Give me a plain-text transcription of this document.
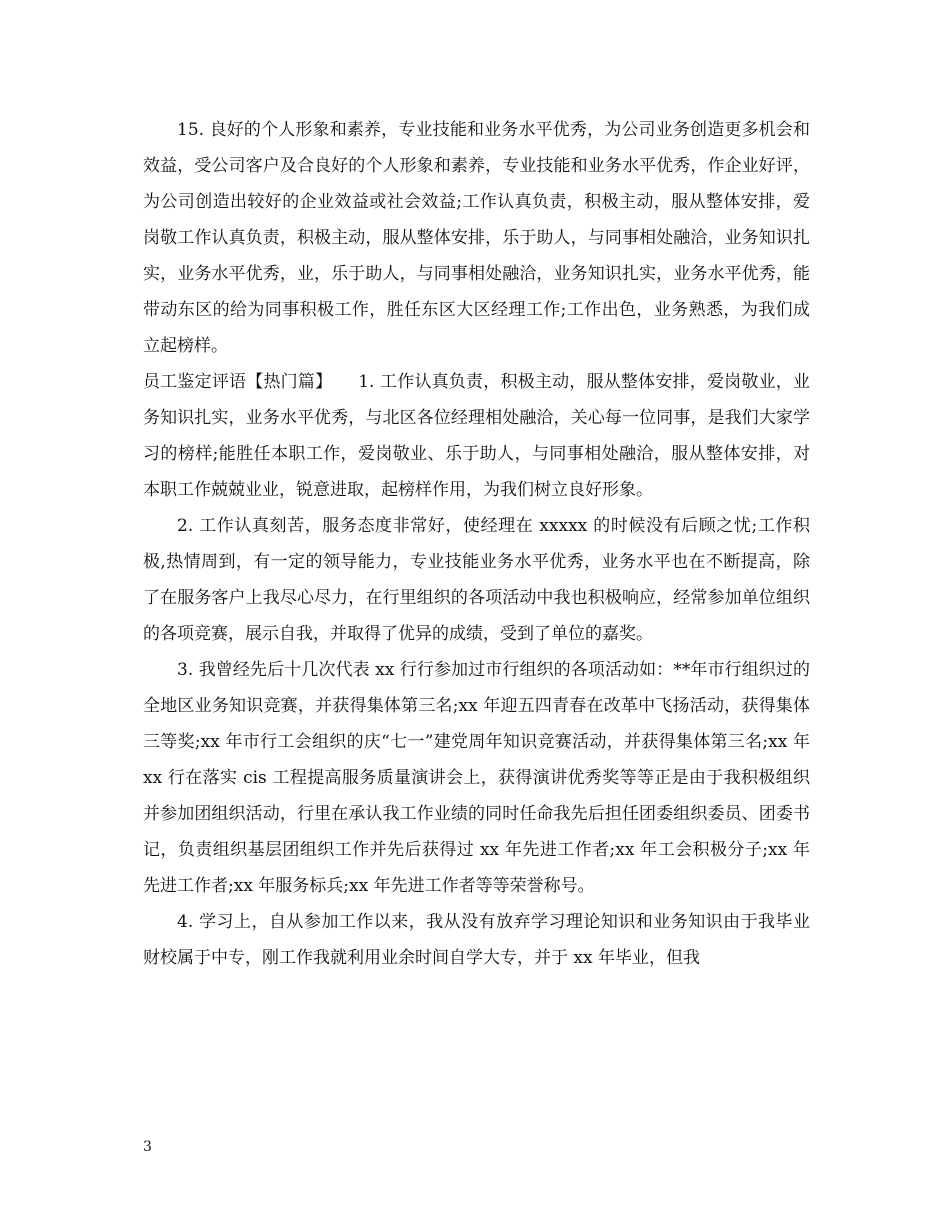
15. 良好的个人形象和素养，专业技能和业务水平优秀，为公司业务创造更多机会和效益，受公司客户及合良好的个人形象和素养，专业技能和业务水平优秀，作企业好评，为公司创造出较好的企业效益或社会效益;工作认真负责，积极主动，服从整体安排，爱岗敬工作认真负责，积极主动，服从整体安排，乐于助人，与同事相处融洽，业务知识扎实，业务水平优秀，业，乐于助人，与同事相处融洽，业务知识扎实，业务水平优秀，能带动东区的给为同事积极工作，胜任东区大区经理工作;工作出色，业务熟悉，为我们成立起榜样。

员工鉴定评语【热门篇】　　1. 工作认真负责，积极主动，服从整体安排，爱岗敬业，业务知识扎实，业务水平优秀，与北区各位经理相处融洽，关心每一位同事，是我们大家学习的榜样;能胜任本职工作，爱岗敬业、乐于助人，与同事相处融洽，服从整体安排，对本职工作兢兢业业，锐意进取，起榜样作用，为我们树立良好形象。

2. 工作认真刻苦，服务态度非常好，使经理在 xxxxx 的时候没有后顾之忧;工作积极,热情周到，有一定的领导能力，专业技能业务水平优秀，业务水平也在不断提高，除了在服务客户上我尽心尽力，在行里组织的各项活动中我也积极响应，经常参加单位组织的各项竞赛，展示自我，并取得了优异的成绩，受到了单位的嘉奖。

3. 我曾经先后十几次代表 xx 行行参加过市行组织的各项活动如：**年市行组织过的全地区业务知识竞赛，并获得集体第三名;xx 年迎五四青春在改革中飞扬活动，获得集体三等奖;xx 年市行工会组织的庆“七一”建党周年知识竞赛活动，并获得集体第三名;xx 年 xx 行在落实 cis 工程提高服务质量演讲会上，获得演讲优秀奖等等正是由于我积极组织并参加团组织活动，行里在承认我工作业绩的同时任命我先后担任团委组织委员、团委书记，负责组织基层团组织工作并先后获得过 xx 年先进工作者;xx 年工会积极分子;xx 年先进工作者;xx 年服务标兵;xx 年先进工作者等等荣誉称号。

4. 学习上，自从参加工作以来，我从没有放弃学习理论知识和业务知识由于我毕业财校属于中专，刚工作我就利用业余时间自学大专，并于 xx 年毕业，但我

3
